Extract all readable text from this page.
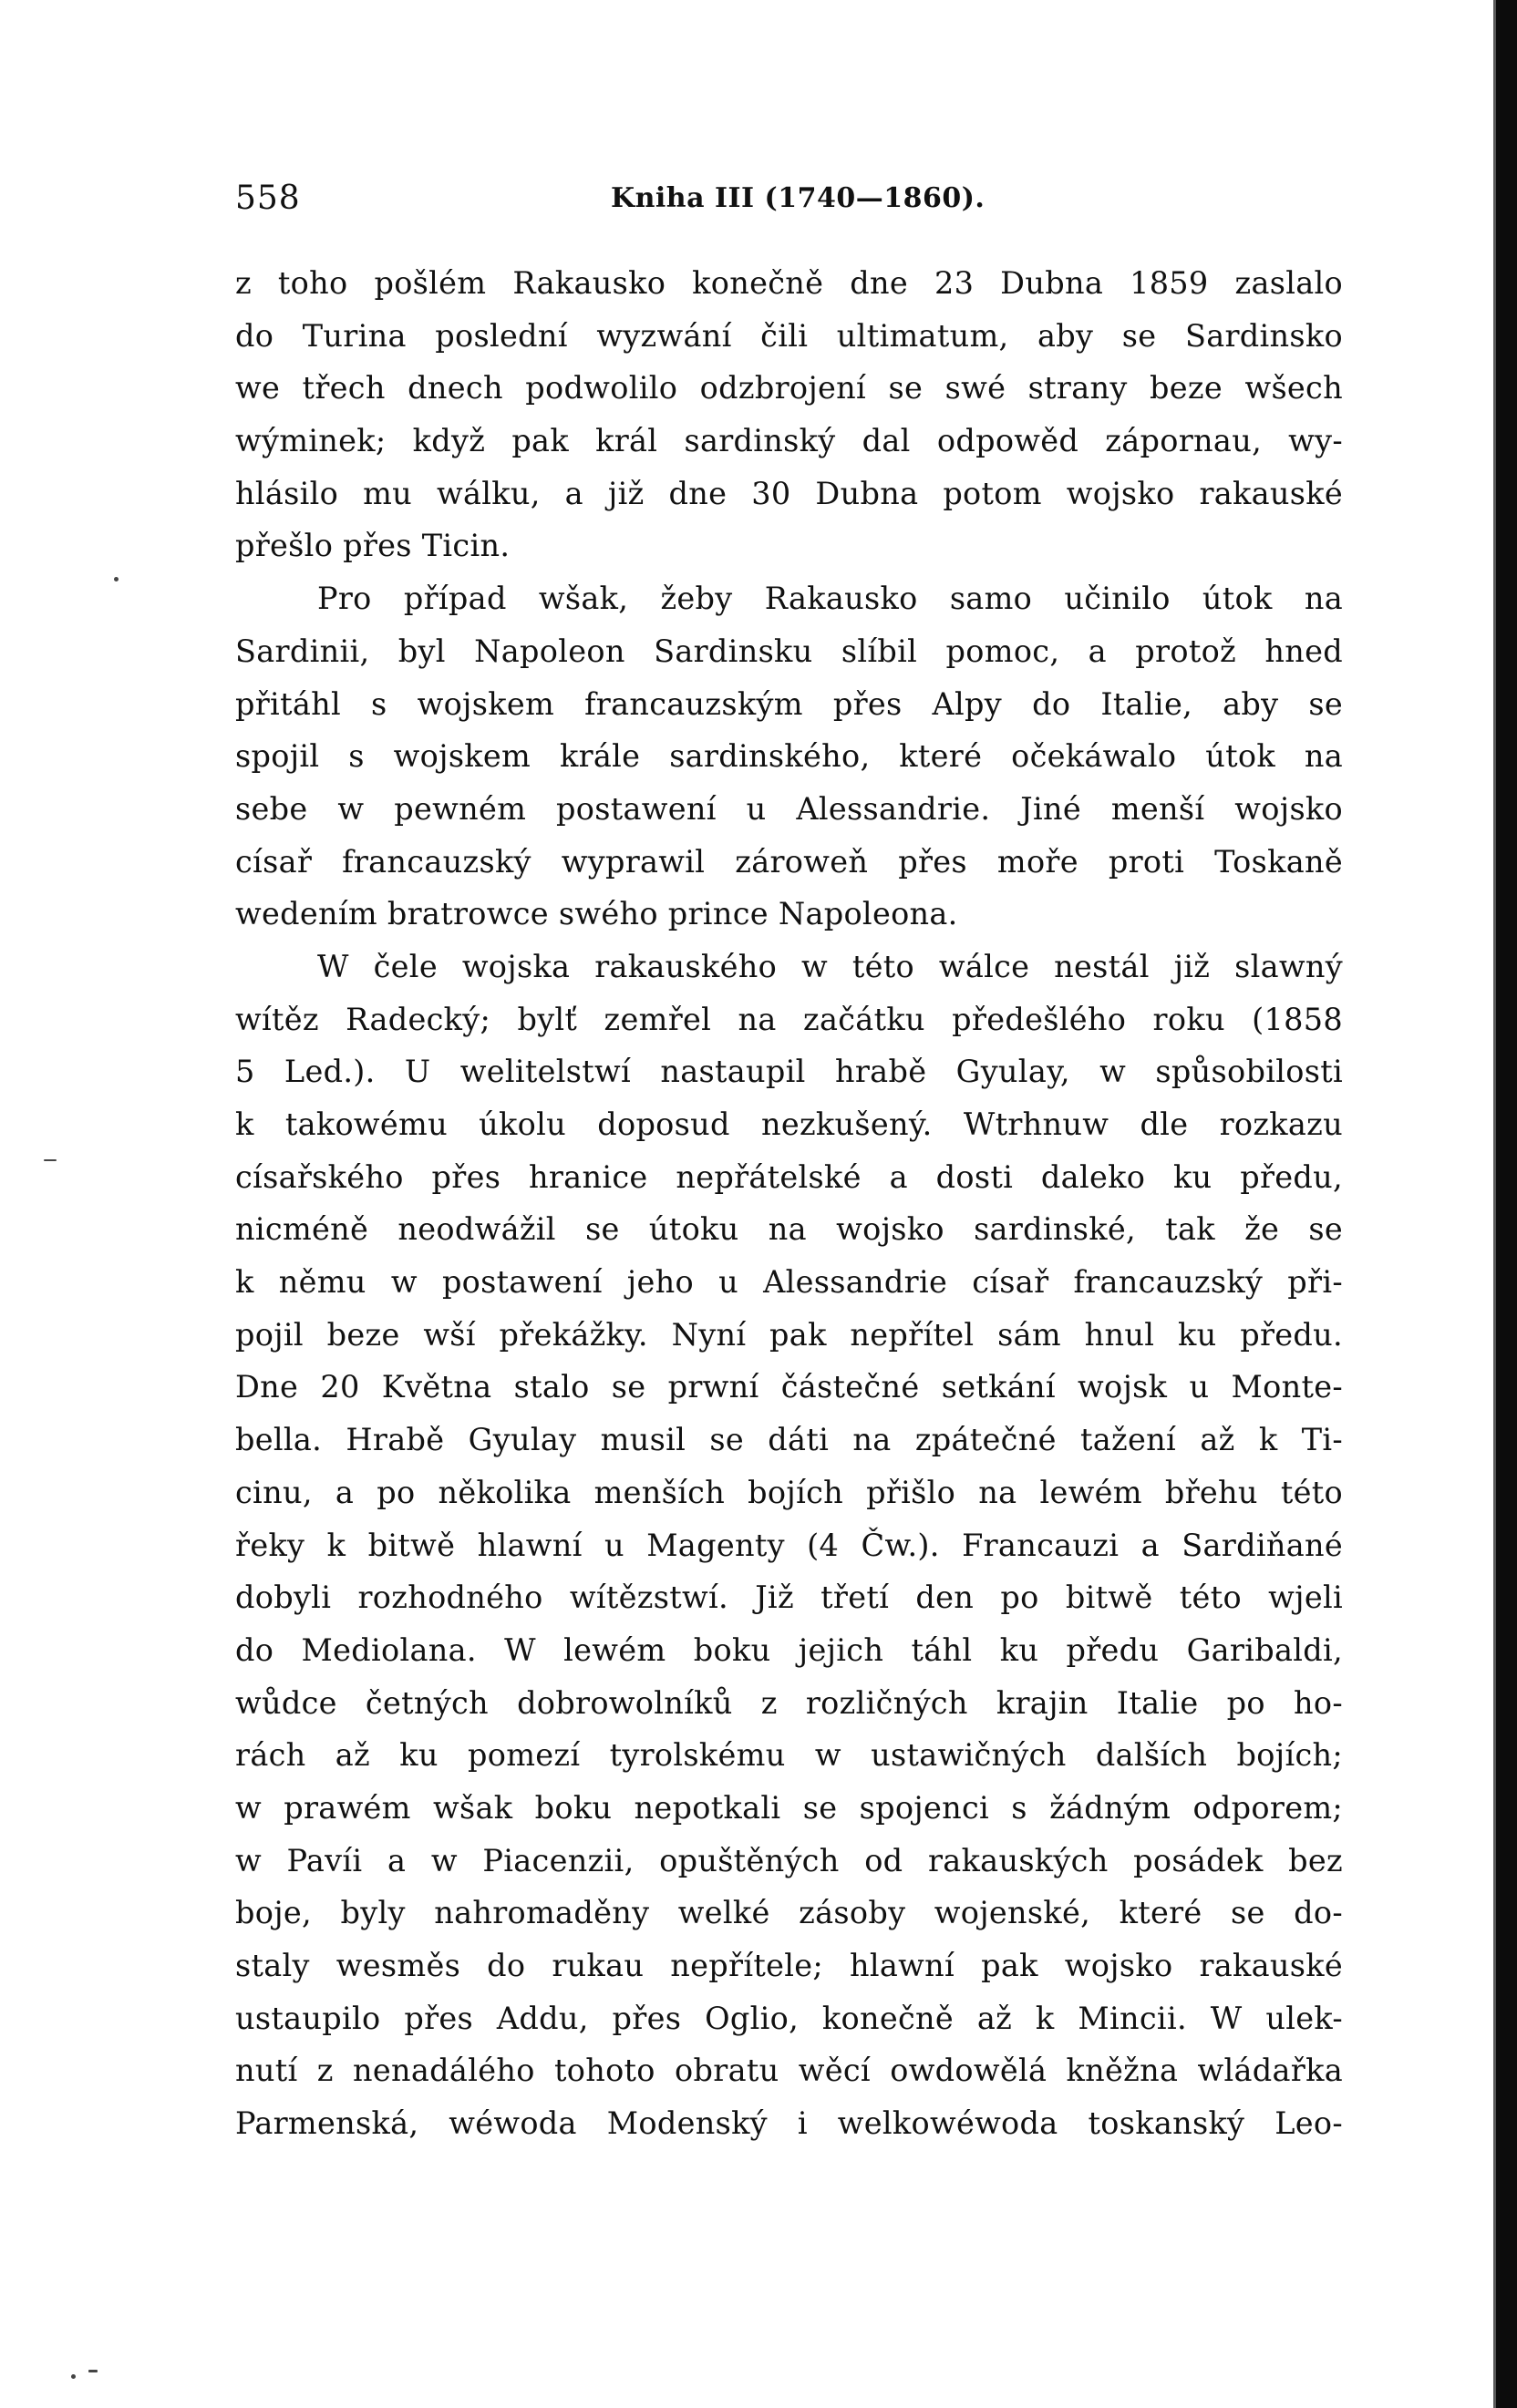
558	Kniha III (1740—1860).
z toho pošlém Rakausko konečně dne 23 Dubna 1859 zaslalo
do Turina poslední wyzwání čili ultimatum, aby se Sardinsko
we třech dnech podwolilo odzbrojení se swé strany beze wšech
wýminek; když pak král sardinský dal odpowěd zápornau, wy-
hlásilo mu wálku, a již dne 30 Dubna potom wojsko rakauské
přešlo přes Ticin.
Pro případ wšak, žeby Rakausko samo učinilo útok na
Sardinii, byl Napoleon Sardinsku slíbil pomoc, a protož hned
přitáhl s wojskem francauzským přes Alpy do Italie, aby se
spojil s wojskem krále sardinského, které očekáwalo útok na
sebe w pewném postawení u Alessandrie. Jiné menší wojsko
císař francauzský wyprawil zároweň přes moře proti Toskaně
wedením bratrowce swého prince Napoleona.
W čele wojska rakauského w této wálce nestál již slawný
wítěz Radecký; bylť zemřel na začátku předešlého roku (1858
5 Led.). U welitelstwí nastaupil hrabě Gyulay, w spůsobilosti
k takowému úkolu doposud nezkušený. Wtrhnuw dle rozkazu
císařského přes hranice nepřátelské a dosti daleko ku předu,
nicméně neodwážil se útoku na wojsko sardinské, tak že se
k němu w postawení jeho u Alessandrie císař francauzský při-
pojil beze wší překážky. Nyní pak nepřítel sám hnul ku předu.
Dne 20 Května stalo se prwní částečné setkání wojsk u Monte-
bella. Hrabě Gyulay musil se dáti na zpátečné tažení až k Ti-
cinu, a po několika menších bojích přišlo na lewém břehu této
řeky k bitwě hlawní u Magenty (4 Čw.). Francauzi a Sardiňané
dobyli rozhodného wítězstwí. Již třetí den po bitwě této wjeli
do Mediolana. W lewém boku jejich táhl ku předu Garibaldi,
wůdce četných dobrowolníků z rozličných krajin Italie po ho-
rách až ku pomezí tyrolskému w ustawičných dalších bojích;
w prawém wšak boku nepotkali se spojenci s žádným odporem;
w Pavíi a w Piacenzii, opuštěných od rakauských posádek bez
boje, byly nahromaděny welké zásoby wojenské, které se do-
staly wesměs do rukau nepřítele; hlawní pak wojsko rakauské
ustaupilo přes Addu, přes Oglio, konečně až k Mincii. W ulek-
nutí z nenadálého tohoto obratu wěcí owdowělá kněžna wládařka
Parmenská, wéwoda Modenský i welkowéwoda toskanský Leo-
